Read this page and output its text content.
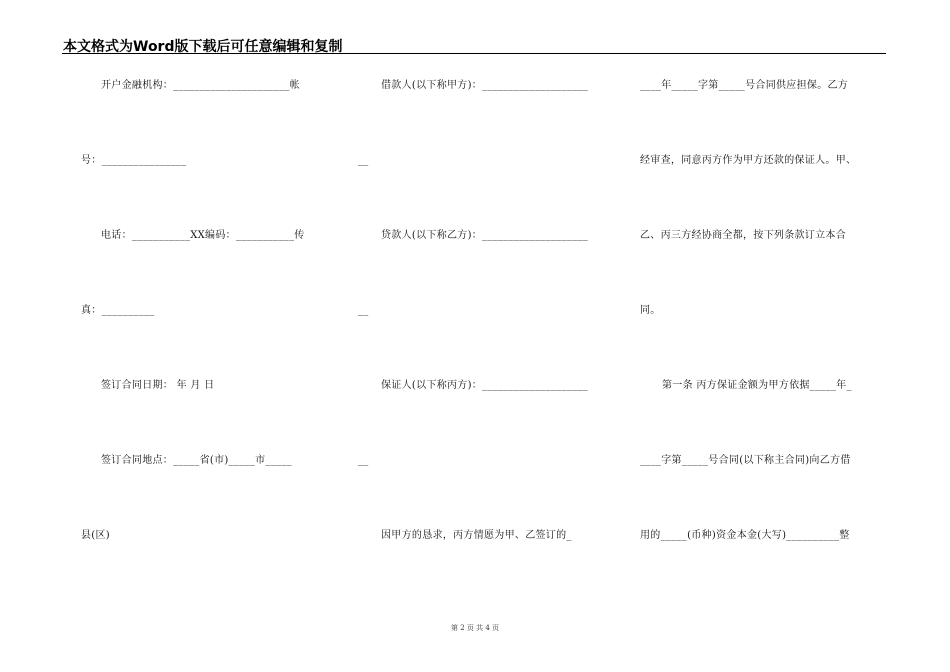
本文格式为Word版下载后可任意编辑和复制
开户金融机构：______________________帐
号：________________
电话：___________XX编码：___________传
真：__________
签订合同日期： 年 月 日
签订合同地点：_____省(市)_____市_____
县(区)
借款人(以下称甲方)：____________________
__
贷款人(以下称乙方)：____________________
__
保证人(以下称丙方)：____________________
__
因甲方的恳求，丙方情愿为甲、乙签订的_
____年_____字第_____号合同供应担保。乙方
经审查，同意丙方作为甲方还款的保证人。甲、
乙、丙三方经协商全都，按下列条款订立本合
同。
第一条 丙方保证金额为甲方依据_____年_
____字第_____号合同(以下称主合同)向乙方借
用的_____(币种)资金本金(大写)__________整
第 2 页 共 4 页
